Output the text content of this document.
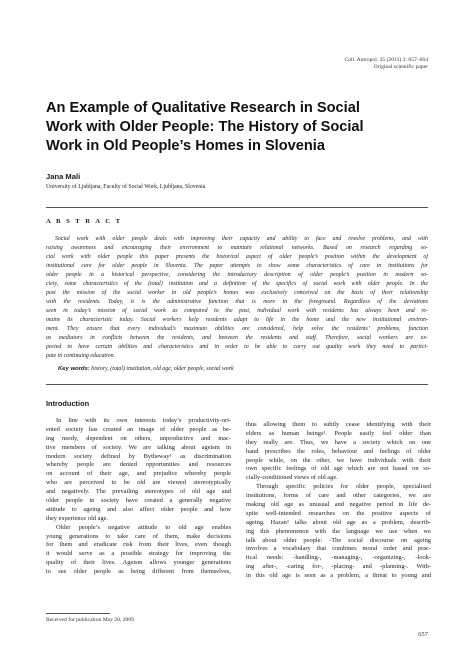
Coll. Antropol. 35 (2011) 3: 657–664
Original scientific paper
An Example of Qualitative Research in Social
Work with Older People: The History of Social
Work in Old People’s Homes in Slovenia
Jana Mali
University of Ljubljana, Faculty of Social Work, Ljubljana, Slovenia
A B S T R A C T
Social work with older people deals with improving their capacity and ability to face and resolve problems, and with
raising awareness and encouraging their environment to maintain relational networks. Based on research regarding so-
cial work with older people this paper presents the historical aspect of older people’s position within the development of
institutional care for older people in Slovenia. The paper attempts to show some characteristics of care in institutions for
older people in a historical perspective, considering the introductory description of older people’s position in modern so-
ciety, some characteristics of the (total) institution and a definition of the specifics of social work with older people. In the
past the mission of the social worker in old people’s homes was exclusively conceived on the basis of their relationship
with the residents. Today, it is the administrative function that is more in the foreground. Regardless of the deviations
seen in today’s mission of social work as compared to the past, individual work with residents has always been and re-
mains its characteristic today. Social workers help residents adapt to life in the home and the new institutional environ-
ment. They ensure that every individual’s maximum abilities are considered, help solve the residents’ problems, function
as mediators in conflicts between the residents, and between the residents and staff. Therefore, social workers are ex-
pected to have certain abilities and characteristics and in order to be able to carry out quality work they need to partici-
pate in continuing education.
Key words: history, (total) institution, old age, older people, social work
Introduction
In line with its own interests today’s productivity-ori-
ented society has created an image of older people as be-
ing needy, dependent on others, unproductive and inac-
tive members of society. We are talking about ageism in
modern society defined by Bytheway¹ as discrimination
whereby people are denied opportunities and resources
on account of their age, and prejudice whereby people
who are perceived to be old are viewed stereotypically
and negatively. The prevailing stereotypes of old age and
older people in society have created a generally negative
attitude to ageing and also affect older people and how
they experience old age.
Older people’s negative attitude to old age enables
young generations to take care of them, make decisions
for them and eradicate risk from their lives, even though
it would serve as a possible strategy for improving the
quality of their lives. Ageism allows younger generations
to see older people as being different from themselves,
thus allowing them to subtly cease identifying with their
elders as human beings¹. People easily feel older than
they really are. Thus, we have a society which on one
hand prescribes the roles, behaviour and feelings of older
people while, on the other, we have individuals with their
own specific feelings of old age which are not based on so-
cially-conditioned views of old age.
Through specific policies for older people, specialised
institutions, forms of care and other categories, we are
making old age as unusual and negative period in life de-
spite well-intended researches on the positive aspects of
ageing. Hazan² talks about old age as a problem, describ-
ing this phenomenon with the language we use when we
talk about older people: -The social discourse on ageing
involves a vocabulary that combines moral order and prac-
tical needs: -handling-, -managing-, -organizing-, -look-
ing after-, -caring for-, -placing- and -planning-. With-
in this old age is seen as a problem, a threat to young and
Received for publication May 20, 2009
657
